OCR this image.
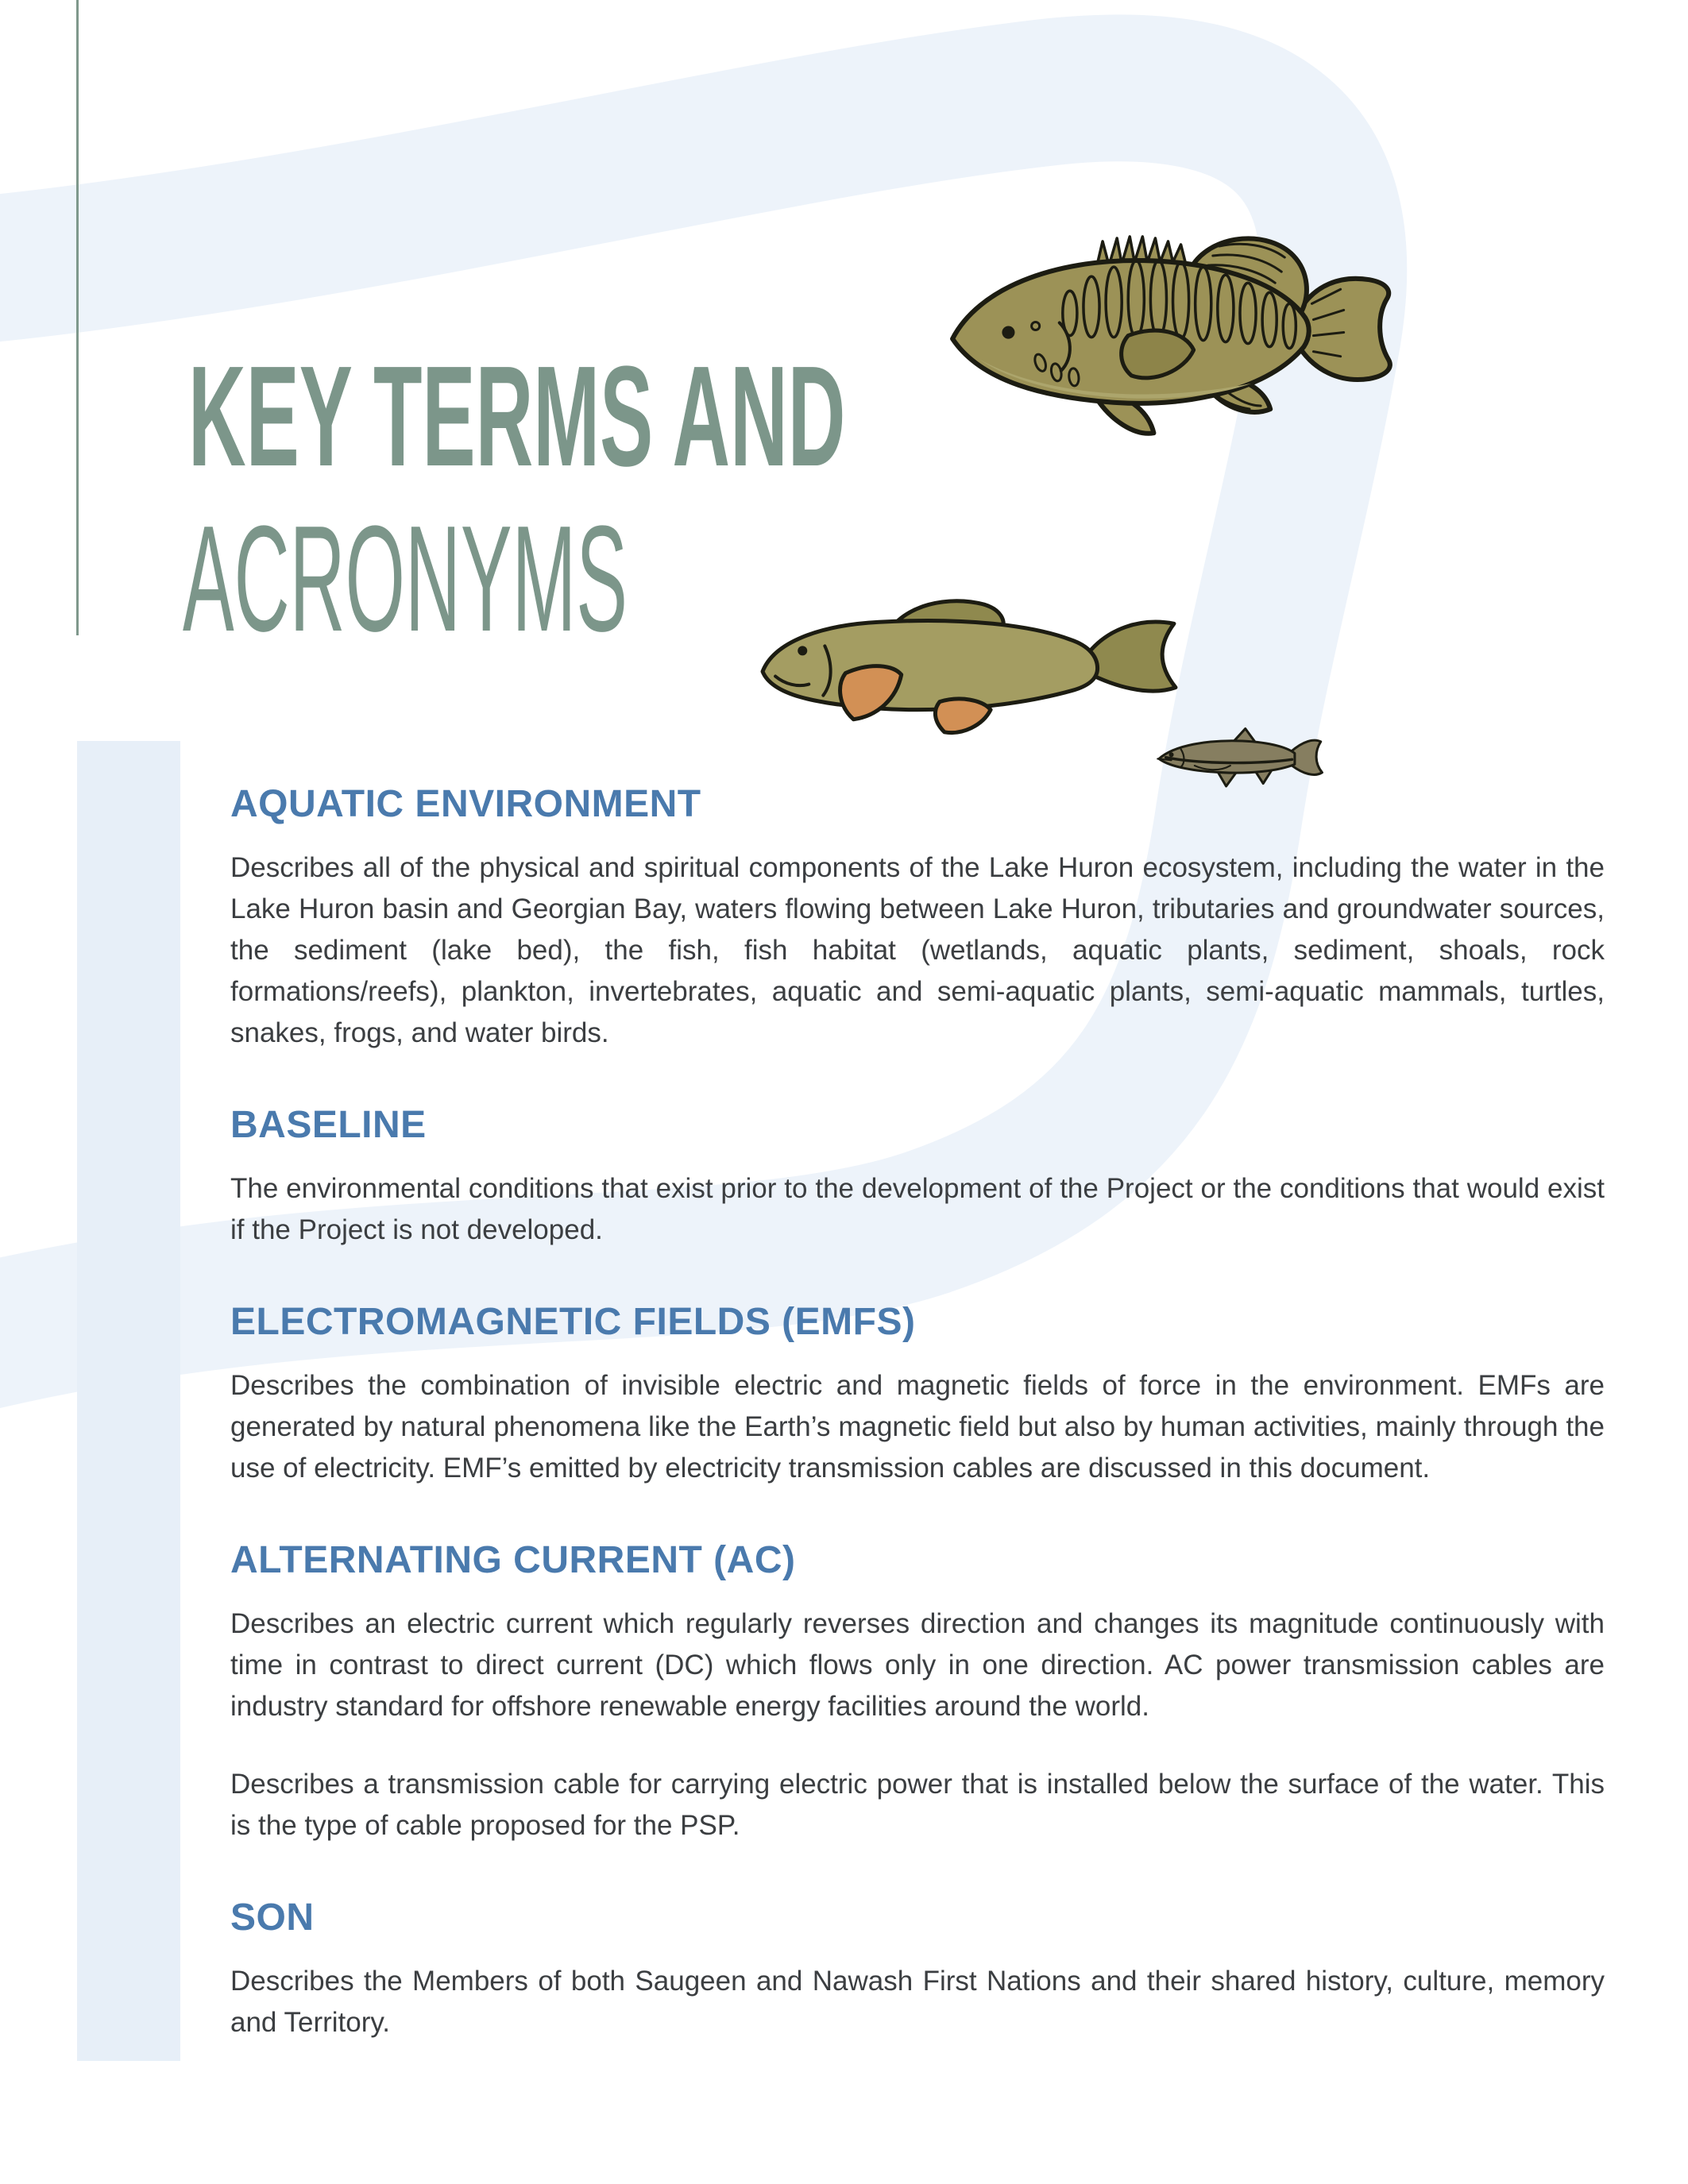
KEY TERMS AND
ACRONYMS
AQUATIC ENVIRONMENT

Describes all of the physical and spiritual components of the Lake Huron ecosystem, including the water in the Lake Huron basin and Georgian Bay, waters flowing between Lake Huron, tributaries and groundwater sources, the sediment (lake bed), the fish, fish habitat (wetlands, aquatic plants, sediment, shoals, rock formations/reefs), plankton, invertebrates, aquatic and semi-aquatic plants, semi-aquatic mammals, turtles, snakes, frogs, and water birds.

BASELINE

The environmental conditions that exist prior to the development of the Project or the conditions that would exist if the Project is not developed.

ELECTROMAGNETIC FIELDS (EMFS)

Describes the combination of invisible electric and magnetic fields of force in the environment. EMFs are generated by natural phenomena like the Earth’s magnetic field but also by human activities, mainly through the use of electricity. EMF’s emitted by electricity transmission cables are discussed in this document.

ALTERNATING CURRENT (AC)

Describes an electric current which regularly reverses direction and changes its magnitude continuously with time in contrast to direct current (DC) which flows only in one direction. AC power transmission cables are industry standard for offshore renewable energy facilities around the world.

Describes a transmission cable for carrying electric power that is installed below the surface of the water. This is the type of cable proposed for the PSP.

SON

Describes the Members of both Saugeen and Nawash First Nations and their shared history, culture, memory and Territory.
